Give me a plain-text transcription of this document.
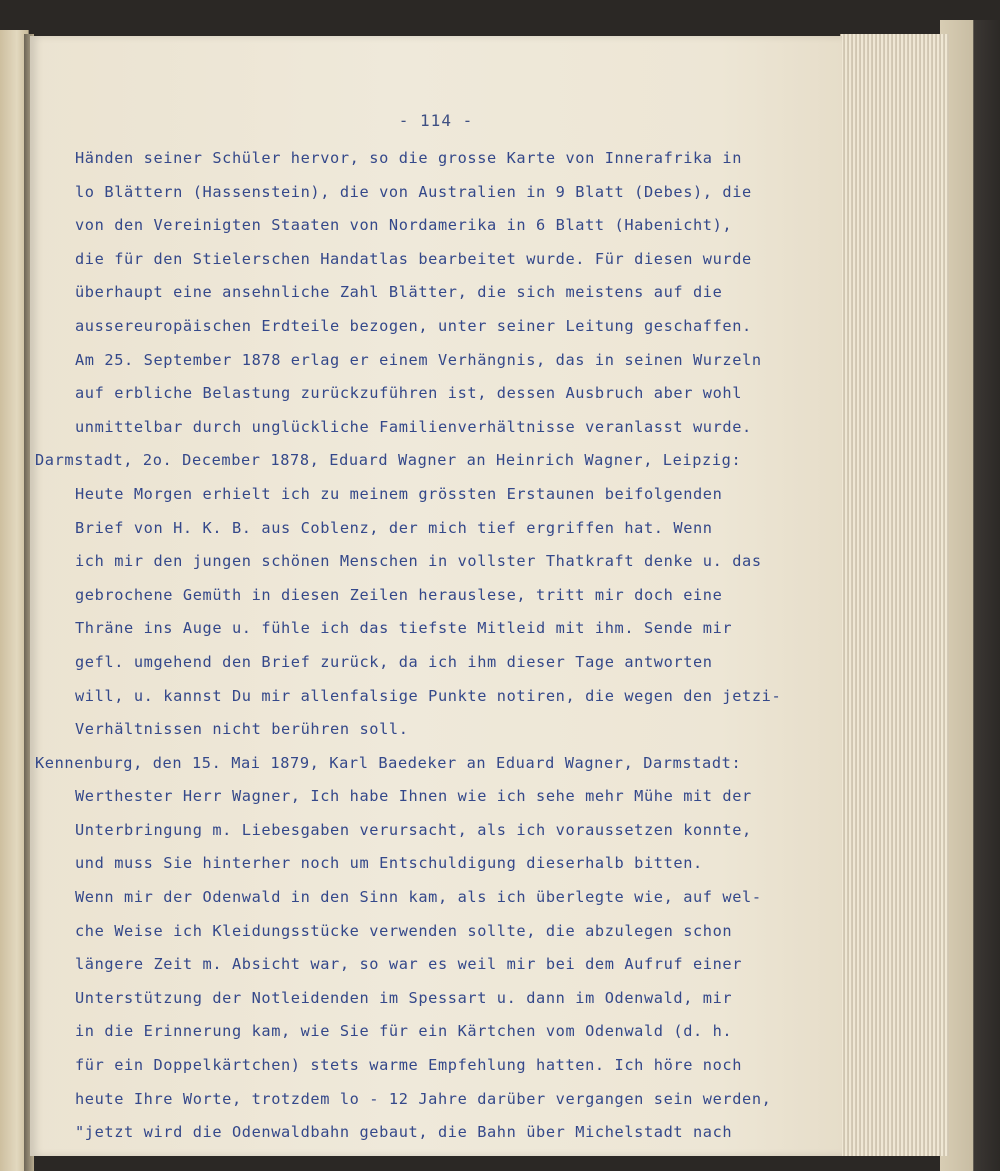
- 114 -
Händen seiner Schüler hervor, so die grosse Karte von Innerafrika in
lo Blättern (Hassenstein), die von Australien in 9 Blatt (Debes), die
von den Vereinigten Staaten von Nordamerika in 6 Blatt (Habenicht),
die für den Stielerschen Handatlas bearbeitet wurde. Für diesen wurde
überhaupt eine ansehnliche Zahl Blätter, die sich meistens auf die
aussereuropäischen Erdteile bezogen, unter seiner Leitung geschaffen.
Am 25. September 1878 erlag er einem Verhängnis, das in seinen Wurzeln
auf erbliche Belastung zurückzuführen ist, dessen Ausbruch aber wohl
unmittelbar durch unglückliche Familienverhältnisse veranlasst wurde.
Darmstadt, 2o. December 1878, Eduard Wagner an Heinrich Wagner, Leipzig:
Heute Morgen erhielt ich zu meinem grössten Erstaunen beifolgenden
Brief von H. K. B. aus Coblenz, der mich tief ergriffen hat. Wenn
ich mir den jungen schönen Menschen in vollster Thatkraft denke u. das
gebrochene Gemüth in diesen Zeilen herauslese, tritt mir doch eine
Thräne ins Auge u. fühle ich das tiefste Mitleid mit ihm. Sende mir
gefl. umgehend den Brief zurück, da ich ihm dieser Tage antworten
will, u. kannst Du mir allenfalsige Punkte notiren, die wegen den jetzi-
Verhältnissen nicht berühren soll.
Kennenburg, den 15. Mai 1879, Karl Baedeker an Eduard Wagner, Darmstadt:
Werthester Herr Wagner, Ich habe Ihnen wie ich sehe mehr Mühe mit der
Unterbringung m. Liebesgaben verursacht, als ich voraussetzen konnte,
und muss Sie hinterher noch um Entschuldigung dieserhalb bitten.
Wenn mir der Odenwald in den Sinn kam, als ich überlegte wie, auf wel-
che Weise ich Kleidungsstücke verwenden sollte, die abzulegen schon
längere Zeit m. Absicht war, so war es weil mir bei dem Aufruf einer
Unterstützung der Notleidenden im Spessart u. dann im Odenwald, mir
in die Erinnerung kam, wie Sie für ein Kärtchen vom Odenwald (d. h.
für ein Doppelkärtchen) stets warme Empfehlung hatten. Ich höre noch
heute Ihre Worte, trotzdem lo - 12 Jahre darüber vergangen sein werden,
"jetzt wird die Odenwaldbahn gebaut, die Bahn über Michelstadt nach
